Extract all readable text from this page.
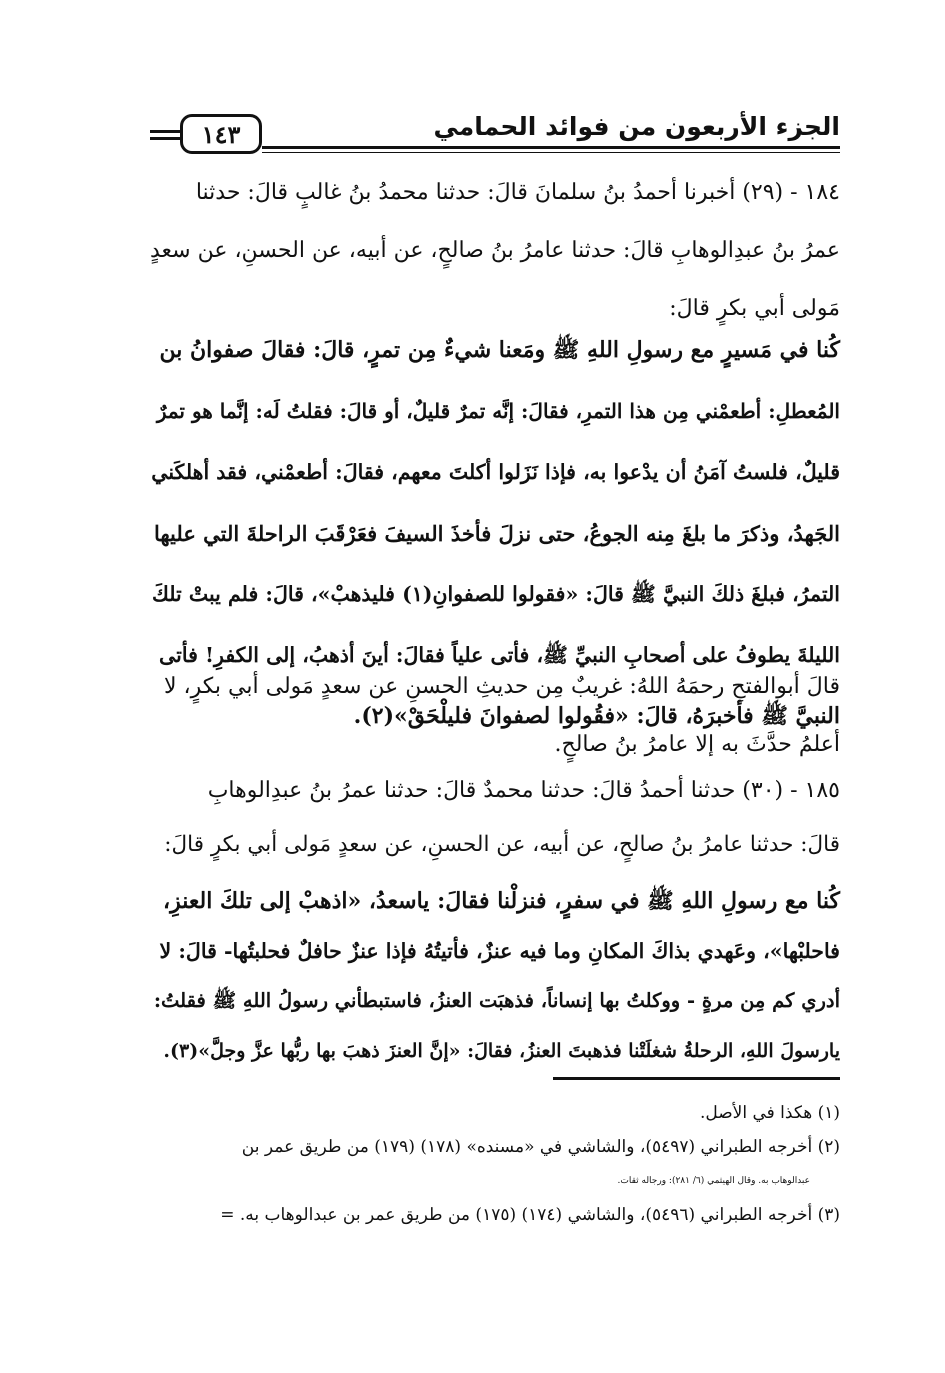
الجزء الأربعون من فوائد الحمامي
١٤٣
١٨٤ - (٢٩) أخبرنا أحمدُ بنُ سلمانَ قالَ: حدثنا محمدُ بنُ غالبٍ قالَ: حدثنا
عمرُ بنُ عبدِالوهابِ قالَ: حدثنا عامرُ بنُ صالحٍ، عن أبيه، عن الحسنِ، عن سعدٍ
مَولى أبي بكرٍ قالَ:
كُنا في مَسيرٍ مع رسولِ اللهِ ﷺ ومَعنا شيءٌ مِن تمرٍ، قالَ: فقالَ صفوانُ بن
المُعطلِ: أطعمْني مِن هذا التمرِ، فقالَ: إنَّه تمرٌ قليلٌ، أو قالَ: فقلتُ لَه: إنَّما هو تمرٌ
قليلٌ، فلستُ آمَنُ أن يدْعوا به، فإذا نَزَلوا أكلتَ معهم، فقالَ: أطعمْني، فقد أهلكَني
الجَهدُ، وذكرَ ما بلغَ مِنه الجوعُ، حتى نزلَ فأخذَ السيفَ فعَرْقَبَ الراحلةَ التي عليها
التمرُ، فبلغَ ذلكَ النبيَّ ﷺ قالَ: «فقولوا للصفوانِ(١) فليذهبْ»، قالَ: فلم يبتْ تلكَ
الليلةَ يطوفُ على أصحابِ النبيِّ ﷺ، فأتى علياً فقالَ: أينَ أذهبُ، إلى الكفرِ! فأتى
النبيَّ ﷺ فأخبرَهُ، قالَ: «فقُولوا لصفوانَ فليلْحَقْ»(٢).
قالَ أبوالفتحِ رحمَهُ اللهُ: غريبٌ مِن حديثِ الحسنِ عن سعدٍ مَولى أبي بكرٍ، لا
أعلمُ حدَّثَ به إلا عامرُ بنُ صالحٍ.
١٨٥ - (٣٠) حدثنا أحمدُ قالَ: حدثنا محمدٌ قالَ: حدثنا عمرُ بنُ عبدِالوهابِ
قالَ: حدثنا عامرُ بنُ صالحٍ، عن أبيه، عن الحسنِ، عن سعدٍ مَولى أبي بكرٍ قالَ:
كُنا مع رسولِ اللهِ ﷺ في سفرٍ، فنزلْنا فقالَ: ياسعدُ، «اذهبْ إلى تلكَ العنزِ،
فاحلبْها»، وعَهدي بذاكَ المكانِ وما فيه عنزٌ، فأتيتُهُ فإذا عنزٌ حافلٌ فحلبتُها- قالَ: لا
أدري كم مِن مرةٍ - ووكلتُ بها إنساناً، فذهبَت العنزُ، فاستبطأني رسولُ اللهِ ﷺ فقلتُ:
يارسولَ اللهِ، الرحلةُ شغلَتْنا فذهبتَ العنزُ، فقالَ: «إنَّ العنزَ ذهبَ بها ربُّها عزَّ وجلَّ»(٣).
(١) هكذا في الأصل.
(٢) أخرجه الطبراني (٥٤٩٧)، والشاشي في «مسنده» (١٧٨) (١٧٩) من طريق عمر بن
عبدالوهاب به. وقال الهيثمي (٦/ ٢٨١): ورجاله ثقات.
(٣) أخرجه الطبراني (٥٤٩٦)، والشاشي (١٧٤) (١٧٥) من طريق عمر بن عبدالوهاب به. =
